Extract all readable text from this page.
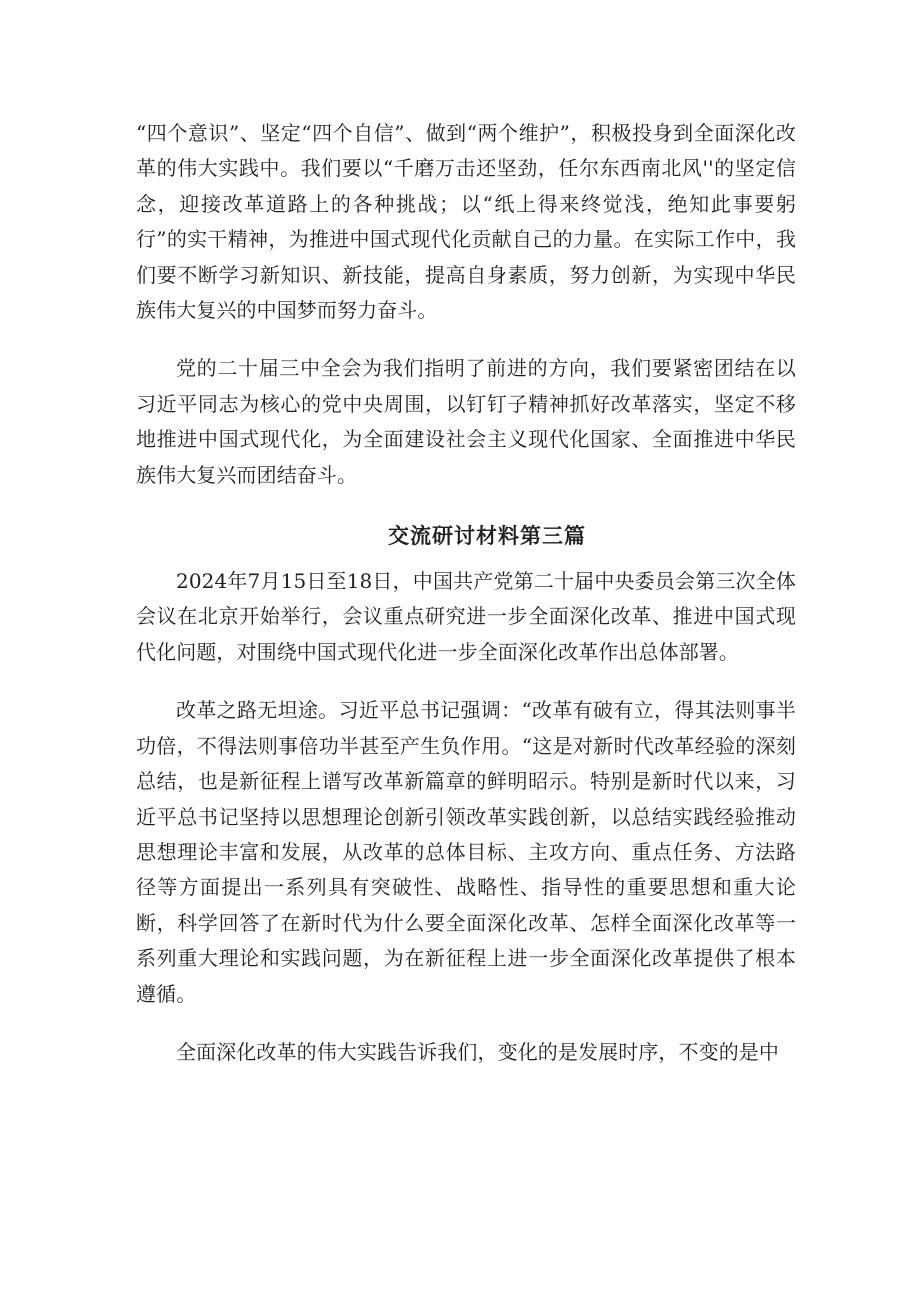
“四个意识”、坚定“四个自信”、做到“两个维护”，积极投身到全面深化改革的伟大实践中。我们要以“千磨万击还坚劲，任尔东西南北风''的坚定信念，迎接改革道路上的各种挑战；以“纸上得来终觉浅，绝知此事要躬行”的实干精神，为推进中国式现代化贡献自己的力量。在实际工作中，我们要不断学习新知识、新技能，提高自身素质，努力创新，为实现中华民族伟大复兴的中国梦而努力奋斗。

党的二十届三中全会为我们指明了前进的方向，我们要紧密团结在以习近平同志为核心的党中央周围，以钉钉子精神抓好改革落实，坚定不移地推进中国式现代化，为全面建设社会主义现代化国家、全面推进中华民族伟大复兴而团结奋斗。

交流研讨材料第三篇

2024年7月15日至18日，中国共产党第二十届中央委员会第三次全体会议在北京开始举行，会议重点研究进一步全面深化改革、推进中国式现代化问题，对围绕中国式现代化进一步全面深化改革作出总体部署。

改革之路无坦途。习近平总书记强调：“改革有破有立，得其法则事半功倍，不得法则事倍功半甚至产生负作用。“这是对新时代改革经验的深刻总结，也是新征程上谱写改革新篇章的鲜明昭示。特别是新时代以来，习近平总书记坚持以思想理论创新引领改革实践创新，以总结实践经验推动思想理论丰富和发展，从改革的总体目标、主攻方向、重点任务、方法路径等方面提出一系列具有突破性、战略性、指导性的重要思想和重大论断，科学回答了在新时代为什么要全面深化改革、怎样全面深化改革等一系列重大理论和实践问题，为在新征程上进一步全面深化改革提供了根本遵循。

全面深化改革的伟大实践告诉我们，变化的是发展时序，不变的是中
